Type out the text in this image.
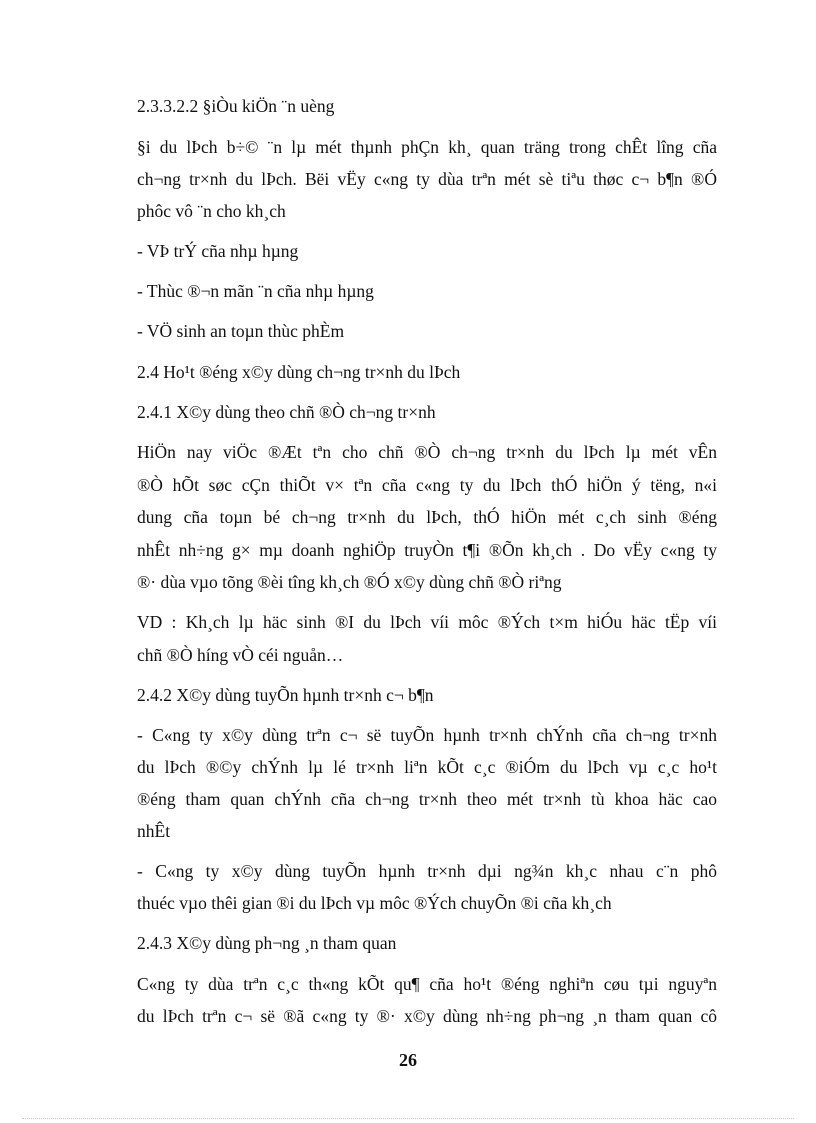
2.3.3.2.2 §iÒu kiÖn ¨n uèng
§i du lÞch b÷© ¨n lµ mét thµnh phÇn kh¸ quan träng trong chÊt lîng cña
ch¬ng tr×nh du lÞch. Bëi vËy c«ng ty dùa trªn mét sè tiªu thøc c¬ b¶n ®Ó
phôc vô ¨n cho kh¸ch
- VÞ trÝ cña nhµ hµng
- Thùc ®¬n mãn ¨n cña nhµ hµng
- VÖ sinh an toµn thùc phÈm
2.4 Ho¹t ®éng x©y dùng ch¬ng tr×nh du lÞch
2.4.1 X©y dùng theo chñ ®Ò ch¬ng tr×nh
HiÖn nay viÖc ®Æt tªn cho chñ ®Ò ch¬ng tr×nh du lÞch lµ mét vÊn
®Ò hÕt søc cÇn thiÕt v× tªn cña c«ng ty du lÞch thÓ hiÖn ý tëng, n«i
dung cña toµn bé ch¬ng tr×nh du lÞch, thÓ hiÖn mét c¸ch sinh ®éng
nhÊt nh÷ng g× mµ doanh nghiÖp truyÒn t¶i ®Õn kh¸ch . Do vËy c«ng ty
®· dùa vµo tõng ®èi tîng kh¸ch ®Ó x©y dùng chñ ®Ò riªng
VD : Kh¸ch lµ häc sinh ®I du lÞch víi môc ®Ých t×m hiÓu häc tËp víi
chñ ®Ò híng vÒ céi nguån…
2.4.2 X©y dùng tuyÕn hµnh tr×nh c¬ b¶n
- C«ng ty x©y dùng trªn c¬ së tuyÕn hµnh tr×nh chÝnh cña ch¬ng tr×nh
du lÞch ®©y chÝnh lµ lé tr×nh liªn kÕt c¸c ®iÓm du lÞch vµ c¸c ho¹t
®éng tham quan chÝnh cña ch¬ng tr×nh theo mét tr×nh tù khoa häc cao
nhÊt
- C«ng ty x©y dùng tuyÕn hµnh tr×nh dµi ng¾n kh¸c nhau c¨n phô
thuéc vµo thêi gian ®i du lÞch vµ môc ®Ých chuyÕn ®i cña kh¸ch
2.4.3 X©y dùng ph¬ng ¸n tham quan
C«ng ty dùa trªn c¸c th«ng kÕt qu¶ cña ho¹t ®éng nghiªn cøu tµi nguyªn
du lÞch trªn c¬ së ®ã c«ng ty ®· x©y dùng nh÷ng ph¬ng ¸n tham quan cô
26
